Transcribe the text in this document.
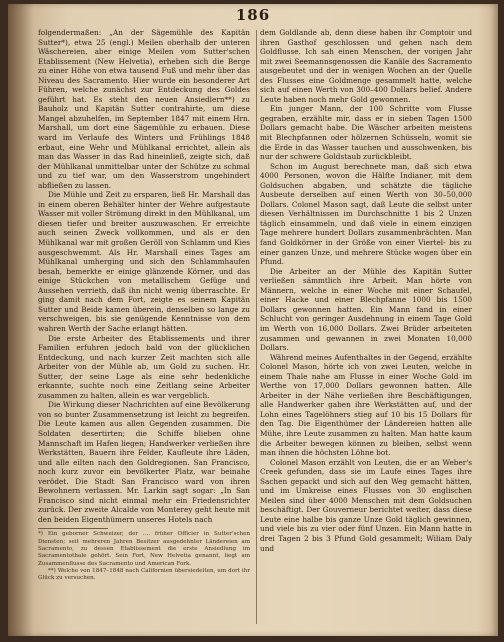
186

folgendermaßen: „An der Sägemühle des Kapitän Sutter*), etwa 25 (engl.) Meilen oberhalb der unteren Wäschereien, aber einige Meilen vom Sutter'schen Etablissement (New Helvetia), erheben sich die Berge zu einer Höhe von etwa tausend Fuß und mehr über das Niveau des Sacramento. Hier wurde ein besonderer Art Führen, welche zunächst zur Entdeckung des Goldes geführt hat. Es steht den neuen Ansiedlern**) zu Bauholz und Kapitän Sutter contrahirte, um diese Mangel abzuhelfen, im September 1847 mit einem Hrn. Marshall, um dort eine Sägemühle zu erbauen. Diese ward im Verlaufe des Winters und Frühlings 1848 erbaut, eine Wehr und Mühlkanal errichtet, allein als man das Wasser in das Rad hineinließ, zeigte sich, daß der Mühlkanal unmittelbar unter der Schütze zu schmal und zu tief war, um den Wasserstrom ungehindert abfließen zu lassen.

Die Mühle und Zeit zu ersparen, ließ Hr. Marshall das in einem oberen Behälter hinter der Wehre aufgestaute Wasser mit voller Strömung direkt in den Mühlkanal, um diesen tiefer und breiter auszuwaschen. Er erreichte auch seinen Zweck vollkommen, und als er den Mühlkanal war mit großen Geröll von Schlamm und Kies ausgeschwemmt. Als Hr. Marshall eines Tages am Mühlkanal umherging und sich den Schlammhaufen besah, bemerkte er einige glänzende Körner, und das einige Stückchen von metallischem Gefüge und Aussehen verrieth, daß ihn nicht wenig überraschte. Er ging damit nach dem Fort, zeigte es seinem Kapitän Sutter und Beide kamen überein, denselben so lange zu verschweigen, bis sie genügende Kenntnisse von dem wahren Werth der Sache erlangt hätten.

Die erste Arbeiter des Etablissements und ihrer Familien erfuhren jedoch bald von der glücklichen Entdeckung, und nach kurzer Zeit machten sich alle Arbeiter von der Mühle ab, um Gold zu suchen. Hr. Sutter, der seine Lage als eine sehr bedenkliche erkannte, suchte noch eine Zeitlang seine Arbeiter zusammen zu halten, allein es war vergeblich.

Die Wirkung dieser Nachrichten auf eine Bevölkerung von so bunter Zusammensetzung ist leicht zu begreifen. Die Leute kamen aus allen Gegenden zusammen. Die Soldaten desertirten; die Schiffe blieben ohne Mannschaft im Hafen liegen; Handwerker verließen ihre Werkstätten, Bauern ihre Felder, Kaufleute ihre Läden, und alle eilten nach den Goldregionen. San Francisco, noch kurz zuvor ein bevölkerter Platz, war beinahe verödet. Die Stadt San Francisco ward von ihren Bewohnern verlassen. Mr. Larkin sagt sogar: „In San Francisco sind nicht einmal mehr ein Friedensrichter zurück. Der zweite Alcalde von Monterey geht heute mit den beiden Eigenthümern unseres Hotels nach

*) Ein geborner Schweizer, der .... früher Officier in Sutter'schen Diensten; seit mehreren Jahren Besitzer ausgedehnter Ländereien am Sacramento, zu dessen Etablissement die erste Ansiedlung im Sacramentothale gehört. Sein Fort, New Helvetia genannt, liegt am Zusammenflusse des Sacramento und American Fork.

**) Welche von 1847–1848 nach Californien übersiedelten, um dort ihr Glück zu versuchen.

dem Goldlande ab, denn diese haben ihr Comptoir und ihren Gasthof geschlossen und gehen nach dem Goldflusse. Ich sah einen Menschen, der vorigen Jahr mit zwei Seemannsgenossen die Kanäle des Sacramento ausgebeutet und der in wenigen Wochen an der Quelle des Flusses eine Goldmenge gesammelt hatte, welche sich auf einen Werth von 300–400 Dollars belief. Andere Leute haben noch mehr Gold gewonnen.

Ein junger Mann, der 100 Schritte vom Flusse gegraben, erzählte mir, dass er in sieben Tagen 1500 Dollars gemacht habe. Die Wäscher arbeiten meistens mit Blechpfannen oder hölzernen Schüsseln, womit sie die Erde in das Wasser tauchen und ausschwenken, bis nur der schwere Goldstaub zurückbleibt.

Schon im August berechnete man, daß sich etwa 4000 Personen, wovon die Hälfte Indianer, mit dem Goldsuchen abgaben, und schätzte die tägliche Ausbeute derselben auf einen Werth von 30–50,000 Dollars. Colonel Mason sagt, daß Leute die selbst unter diesen Verhältnissen im Durchschnitte 1 bis 2 Unzen täglich einsammeln, und daß viele in einem einzigen Tage mehrere hundert Dollars zusammenbrächten. Man fand Goldkörner in der Größe von einer Viertel- bis zu einer ganzen Unze, und mehrere Stücke wogen über ein Pfund.

Die Arbeiter an der Mühle des Kapitän Sutter verließen sämmtlich ihre Arbeit. Man hörte von Männern, welche in einer Woche mit einer Schaufel, einer Hacke und einer Blechpfanne 1000 bis 1500 Dollars gewonnen hatten. Ein Mann fand in einer Schlucht von geringer Ausdehnung in einem Tage Gold im Werth von 16,000 Dollars. Zwei Brüder arbeiteten zusammen und gewannen in zwei Monaten 10,000 Dollars.

Während meines Aufenthaltes in der Gegend, erzählte Colonel Mason, hörte ich von zwei Leuten, welche in einem Thale nahe am Flusse in einer Woche Gold im Werthe von 17,000 Dollars gewonnen hatten. Alle Arbeiter in der Nähe verließen ihre Beschäftigungen, alle Handwerker gaben ihre Werkstätten auf, und der Lohn eines Tagelöhners stieg auf 10 bis 15 Dollars für den Tag. Die Eigenthümer der Ländereien hatten alle Mühe, ihre Leute zusammen zu halten. Man hatte kaum die Arbeiter bewegen können zu bleiben, selbst wenn man ihnen die höchsten Löhne bot.

Colonel Mason erzählt von Leuten, die er an Weber's Creek gefunden, dass sie im Laufe eines Tages ihre Sachen gepackt und sich auf den Weg gemacht hätten, und im Umkreise eines Flusses von 30 englischen Meilen sind über 4000 Menschen mit dem Goldsuchen beschäftigt. Der Gouverneur berichtet weiter, dass diese Leute eine halbe bis ganze Unze Gold täglich gewinnen, und viele bis zu vier oder fünf Unzen. Ein Mann hatte in drei Tagen 2 bis 3 Pfund Gold gesammelt; Wiliam Daly und
